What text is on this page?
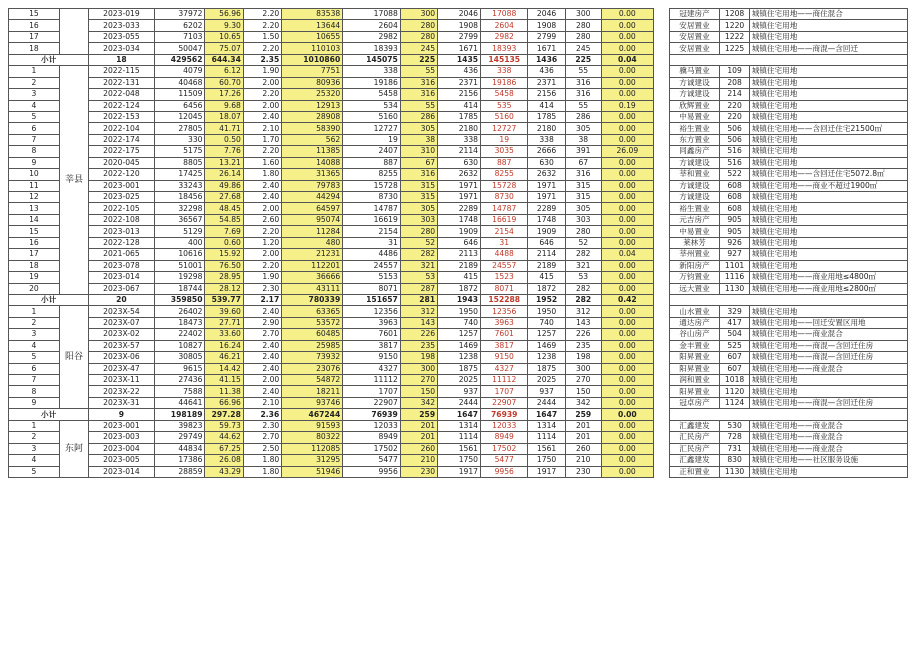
15		2023-019	37972	56.96	2.20	83538	17088	300	2046	17088	2046	300	0.00		冠建房产	1208	城镇住宅用地——商住混合
16		2023-033	6202	9.30	2.20	13644	2604	280	1908	2604	1908	280	0.00		安居置业	1220	城镇住宅用地
17		2023-055	7103	10.65	1.50	10655	2982	280	2799	2982	2799	280	0.00		安居置业	1222	城镇住宅用地
18		2023-034	50047	75.07	2.20	110103	18393	245	1671	18393	1671	245	0.00		安居置业	1225	城镇住宅用地——商混—含回迁
小计		18	429562	644.34	2.35	1010860	145075	225	1435	145135	1436	225	0.04				
1	莘县	2022-115	4079	6.12	1.90	7751	338	55	436	338	436	55	0.00		骥马置业	109	城镇住宅用地
2		2022-131	40468	60.70	2.00	80936	19186	316	2371	19186	2371	316	0.00		方诚建设	208	城镇住宅用地
3		2022-048	11509	17.26	2.20	25320	5458	316	2156	5458	2156	316	0.00		方诚建设	214	城镇住宅用地
4		2022-124	6456	9.68	2.00	12913	534	55	414	535	414	55	0.19		欣辉置业	220	城镇住宅用地
5		2022-153	12045	18.07	2.40	28908	5160	286	1785	5160	1785	286	0.00		中易置业	220	城镇住宅用地
6		2022-104	27805	41.71	2.10	58390	12727	305	2180	12727	2180	305	0.00		裕生置业	506	城镇住宅用地——含回迁住宅21500㎡
7		2022-174	330	0.50	1.70	562	19	38	338	19	338	38	0.00		东方置业	506	城镇住宅用地
8		2022-175	5175	7.76	2.20	11385	2407	310	2114	3035	2666	391	26.09		同鑫房产	516	城镇住宅用地
9		2020-045	8805	13.21	1.60	14088	887	67	630	887	630	67	0.00		方诚建设	516	城镇住宅用地
10		2022-120	17425	26.14	1.80	31365	8255	316	2632	8255	2632	316	0.00		莘和置业	522	城镇住宅用地——含回迁住宅5072.8㎡
11		2023-001	33243	49.86	2.40	79783	15728	315	1971	15728	1971	315	0.00		方诚建设	608	城镇住宅用地——商业不超过1900㎡
12		2023-025	18456	27.68	2.40	44294	8730	315	1971	8730	1971	315	0.00		方诚建设	608	城镇住宅用地
13		2022-105	32298	48.45	2.00	64597	14787	305	2289	14787	2289	305	0.00		裕生置业	608	城镇住宅用地
14		2022-108	36567	54.85	2.60	95074	16619	303	1748	16619	1748	303	0.00		元吉房产	905	城镇住宅用地
15		2023-013	5129	7.69	2.20	11284	2154	280	1909	2154	1909	280	0.00		中易置业	905	城镇住宅用地
16		2022-128	400	0.60	1.20	480	31	52	646	31	646	52	0.00		莱林芳	926	城镇住宅用地
17		2021-065	10616	15.92	2.00	21231	4486	282	2113	4488	2114	282	0.04		莘州置业	927	城镇住宅用地
18		2023-078	51001	76.50	2.20	112201	24557	321	2189	24557	2189	321	0.00		新阳房产	1101	城镇住宅用地
19		2023-014	19298	28.95	1.90	36666	5153	53	415	1523	415	53	0.00		万钧置业	1116	城镇住宅用地——商业用地≤4800㎡
20		2023-067	18744	28.12	2.30	43111	8071	287	1872	8071	1872	282	0.00		远大置业	1130	城镇住宅用地——商业用地≤2800㎡
小计		20	359850	539.77	2.17	780339	151657	281	1943	152288	1952	282	0.42				
1	阳谷	2023X-54	26402	39.60	2.40	63365	12356	312	1950	12356	1950	312	0.00		山水置业	329	城镇住宅用地
2		2023X-07	18473	27.71	2.90	53572	3963	143	740	3963	740	143	0.00		通达房产	417	城镇住宅用地——回迁安置区用地
3		2023X-02	22402	33.60	2.70	60485	7601	226	1257	7601	1257	226	0.00		谷山房产	504	城镇住宅用地——商业混合
4		2023X-57	10827	16.24	2.40	25985	3817	235	1469	3817	1469	235	0.00		金丰置业	525	城镇住宅用地——商混—含回迁住房
5		2023X-06	30805	46.21	2.40	73932	9150	198	1238	9150	1238	198	0.00		阳昇置业	607	城镇住宅用地——商混—含回迁住房
6		2023X-47	9615	14.42	2.40	23076	4327	300	1875	4327	1875	300	0.00		阳昇置业	607	城镇住宅用地——商业混合
7		2023X-11	27436	41.15	2.00	54872	11112	270	2025	11112	2025	270	0.00		润和置业	1018	城镇住宅用地
8		2023X-22	7588	11.38	2.40	18211	1707	150	937	1707	937	150	0.00		阳昇置业	1120	城镇住宅用地
9		2023X-31	44641	66.96	2.10	93746	22907	342	2444	22907	2444	342	0.00		冠卓房产	1124	城镇住宅用地——商混—含回迁住房
小计		9	198189	297.28	2.36	467244	76939	259	1647	76939	1647	259	0.00				
1	东阿	2023-001	39823	59.73	2.30	91593	12033	201	1314	12033	1314	201	0.00		汇鑫建发	530	城镇住宅用地——商业混合
2		2023-003	29749	44.62	2.70	80322	8949	201	1114	8949	1114	201	0.00		汇民房产	728	城镇住宅用地——商业混合
3		2023-004	44834	67.25	2.50	112085	17502	260	1561	17502	1561	260	0.00		汇民房产	731	城镇住宅用地——商业混合
4		2023-005	17386	26.08	1.80	31295	5477	210	1750	5477	1750	210	0.00		汇鑫建发	830	城镇住宅用地——社区服务设施
5		2023-014	28859	43.29	1.80	51946	9956	230	1917	9956	1917	230	0.00		正和置业	1130	城镇住宅用地
